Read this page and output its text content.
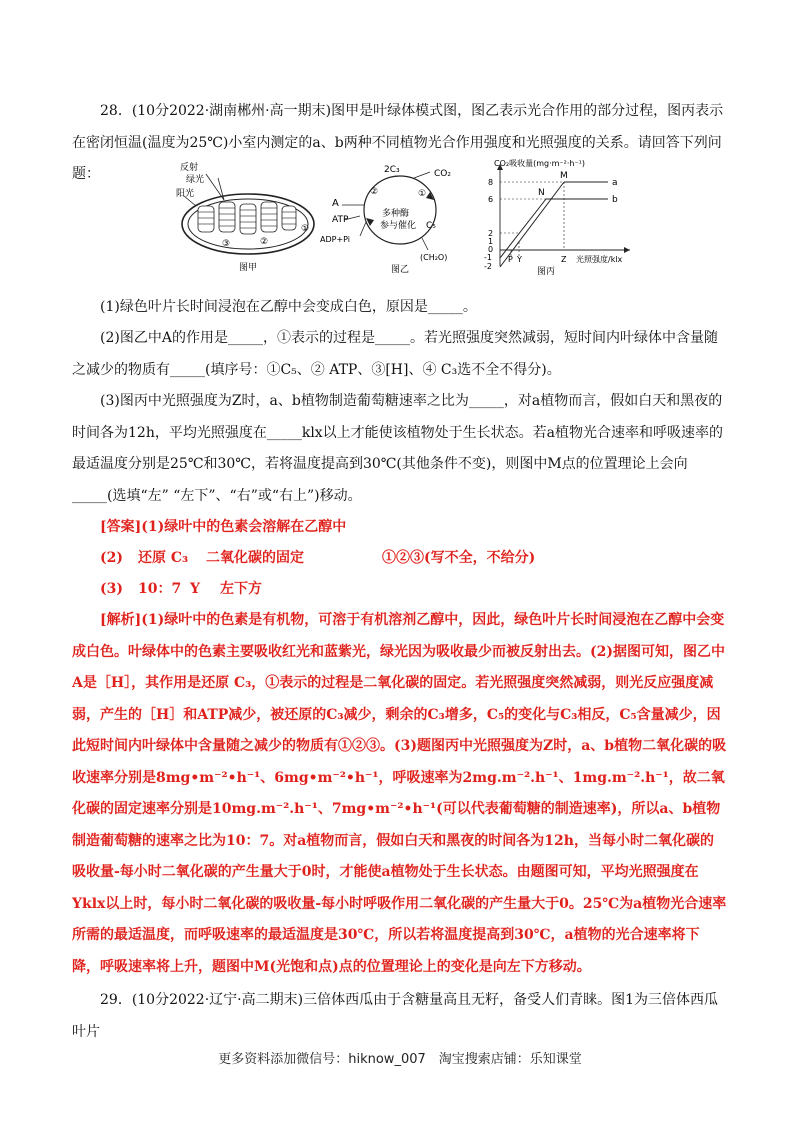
28．(10分2022·湖南郴州·高一期末)图甲是叶绿体模式图，图乙表示光合作用的部分过程，图丙表示在密闭恒温(温度为25℃)小室内测定的a、b两种不同植物光合作用强度和光照强度的关系。请回答下列问题：	反射
绿光
阳光
①
②
③
图甲
2C₃	CO₂
②	①
A
ATP
ADP+Pi
多种酶
参与催化 C₅
(CH₂O)
图乙
CO₂吸收量(mg·m⁻²·h⁻¹)
8
6
2
1
0
-1
-2
P Y	Z 光照强度/klx
M
N
a
b
图丙
(1)绿色叶片长时间浸泡在乙醇中会变成白色，原因是_____。
(2)图乙中A的作用是_____，①表示的过程是_____。若光照强度突然减弱，短时间内叶绿体中含量随之减少的物质有_____(填序号：①C₅、② ATP、③[H]、④ C₃选不全不得分)。
(3)图丙中光照强度为Z时，a、b植物制造葡萄糖速率之比为_____，对a植物而言，假如白天和黑夜的时间各为12h，平均光照强度在_____klx以上才能使该植物处于生长状态。若a植物光合速率和呼吸速率的最适温度分别是25℃和30℃，若将温度提高到30℃(其他条件不变)，则图中M点的位置理论上会向_____(选填“左” “左下”、“右”或“右上”)移动。
[答案](1)绿叶中的色素会溶解在乙醇中
(2) 还原 C₃ 二氧化碳的固定	①②③(写不全，不给分)
(3) 10：7 Y 左下方
[解析](1)绿叶中的色素是有机物，可溶于有机溶剂乙醇中，因此，绿色叶片长时间浸泡在乙醇中会变成白色。叶绿体中的色素主要吸收红光和蓝紫光，绿光因为吸收最少而被反射出去。(2)据图可知，图乙中A是［H］，其作用是还原 C₃，①表示的过程是二氧化碳的固定。若光照强度突然减弱，则光反应强度减弱，产生的［H］和ATP减少，被还原的C₃减少，剩余的C₃增多，C₅的变化与C₃相反，C₅含量减少，因此短时间内叶绿体中含量随之减少的物质有①②③。(3)题图丙中光照强度为Z时，a、b植物二氧化碳的吸收速率分别是8mg•m⁻²•h⁻¹、6mg•m⁻²•h⁻¹，呼吸速率为2mg.m⁻².h⁻¹、1mg.m⁻².h⁻¹，故二氧化碳的固定速率分别是10mg.m⁻².h⁻¹、7mg•m⁻²•h⁻¹(可以代表葡萄糖的制造速率)，所以a、b植物制造葡萄糖的速率之比为10：7。对a植物而言，假如白天和黑夜的时间各为12h，当每小时二氧化碳的吸收量-每小时二氧化碳的产生量大于0时，才能使a植物处于生长状态。由题图可知，平均光照强度在Yklx以上时，每小时二氧化碳的吸收量-每小时呼吸作用二氧化碳的产生量大于0。25℃为a植物光合速率所需的最适温度，而呼吸速率的最适温度是30℃，所以若将温度提高到30℃，a植物的光合速率将下降，呼吸速率将上升，题图中M(光饱和点)点的位置理论上的变化是向左下方移动。
29．(10分2022·辽宁·高二期末)三倍体西瓜由于含糖量高且无籽，备受人们青睐。图1为三倍体西瓜叶片
更多资料添加微信号：hiknow_007　淘宝搜索店铺：乐知课堂
